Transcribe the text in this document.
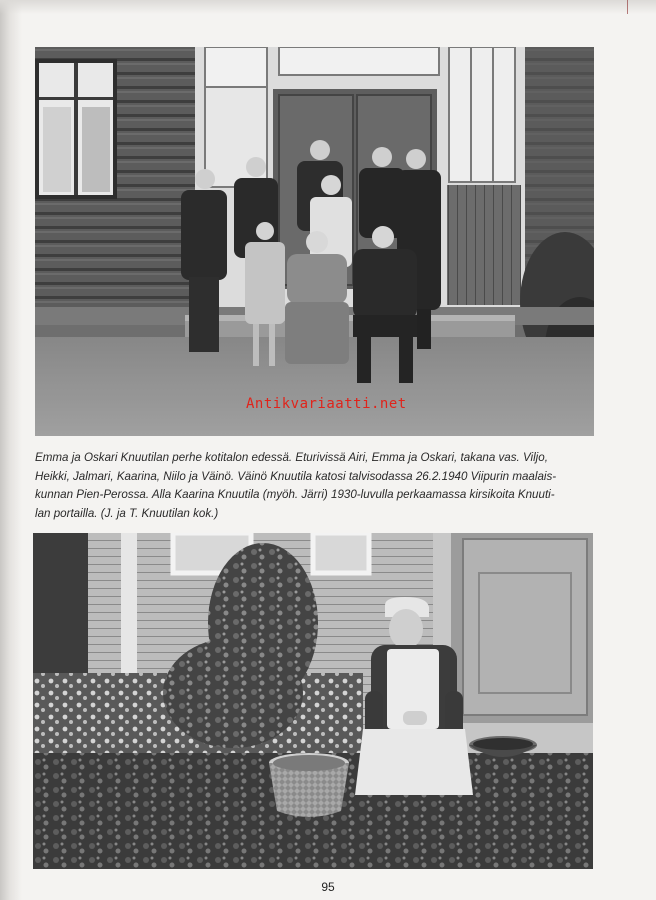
Antikvariaatti.net

Emma ja Oskari Knuutilan perhe kotitalon edessä. Eturivissä Airi, Emma ja Oskari, takana vas. Viljo,
Heikki, Jalmari, Kaarina, Niilo ja Väinö. Väinö Knuutila katosi talvisodassa 26.2.1940 Viipurin maalais-
kunnan Pien-Perossa. Alla Kaarina Knuutila (myöh. Järri) 1930-luvulla perkaamassa kirsikoita Knuuti-
lan portailla. (J. ja T. Knuutilan kok.)

95
